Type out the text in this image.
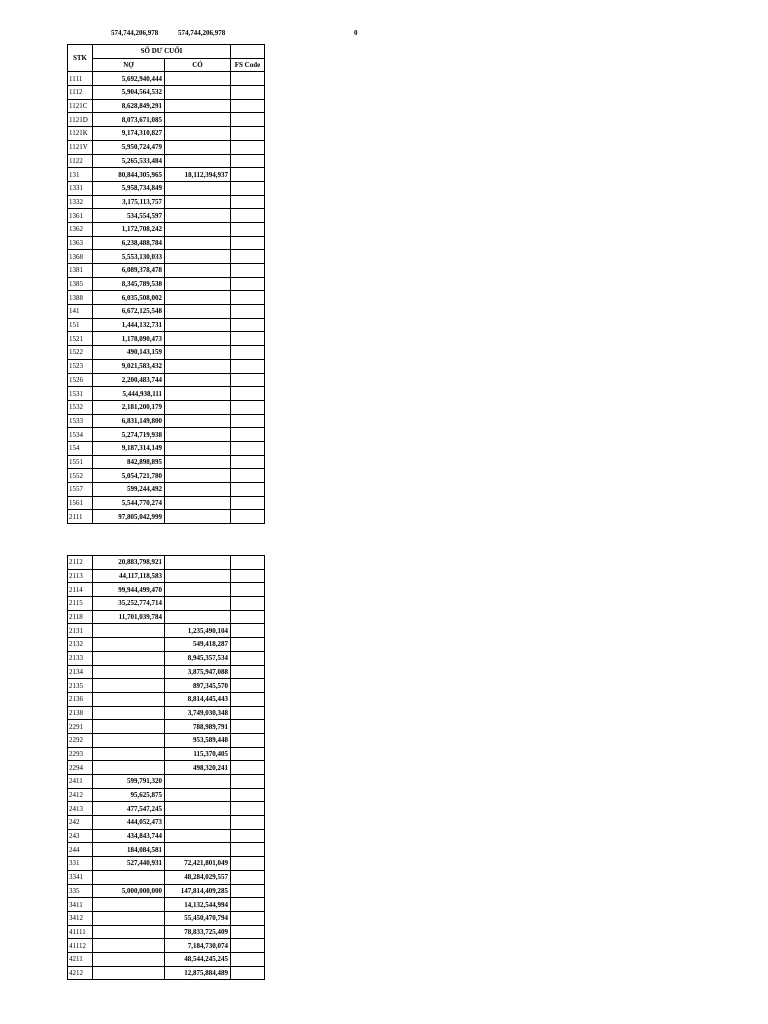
574,744,206,978	574,744,206,978	0
STK	SỐ DƯ CUỐI		
	NỢ	CÓ	FS Code
1111	5,692,940,444		
1112	5,904,564,532		
1121C	8,628,849,291		
1121D	8,073,671,085		
1121K	9,174,310,827		
1121V	5,950,724,479		
1122	5,265,533,484		
131	80,844,305,965	18,112,394,937	
1331	5,958,734,849		
1332	3,175,113,757		
1361	534,554,597		
1362	1,172,708,242		
1363	6,238,488,784		
1368	5,553,130,033		
1381	6,089,378,478		
1385	8,345,789,538		
1388	6,035,508,002		
141	6,672,125,548		
151	1,444,132,731		
1521	1,178,090,473		
1522	490,143,159		
1523	9,021,583,432		
1526	2,200,483,744		
1531	5,444,938,111		
1532	2,181,200,179		
1533	6,831,149,800		
1534	5,274,719,938		
154	9,187,314,149		
1551	842,898,895		
1552	5,054,721,780		
1557	599,244,492		
1561	5,544,770,274		
2111	97,805,042,999		
2112	20,883,798,921		
2113	44,117,118,583		
2114	99,944,499,470		
2115	35,252,774,714		
2118	11,701,039,784		
2131		1,235,490,104	
2132		549,418,287	
2133		8,945,357,534	
2134		3,875,947,088	
2135		897,345,570	
2136		8,814,445,443	
2138		3,749,030,348	
2291		788,989,791	
2292		953,589,448	
2293		115,370,405	
2294		498,320,241	
2411	599,791,320		
2412	95,625,875		
2413	477,547,245		
242	444,052,473		
243	434,843,744		
244	184,084,581		
331	527,440,931	72,421,801,049	
3341		48,284,029,557	
335	5,000,000,000	147,814,409,285	
3411		14,132,544,994	
3412		55,450,470,794	
41111		78,833,725,409	
41112		7,184,730,074	
4211		48,544,245,245	
4212		12,875,884,489	
